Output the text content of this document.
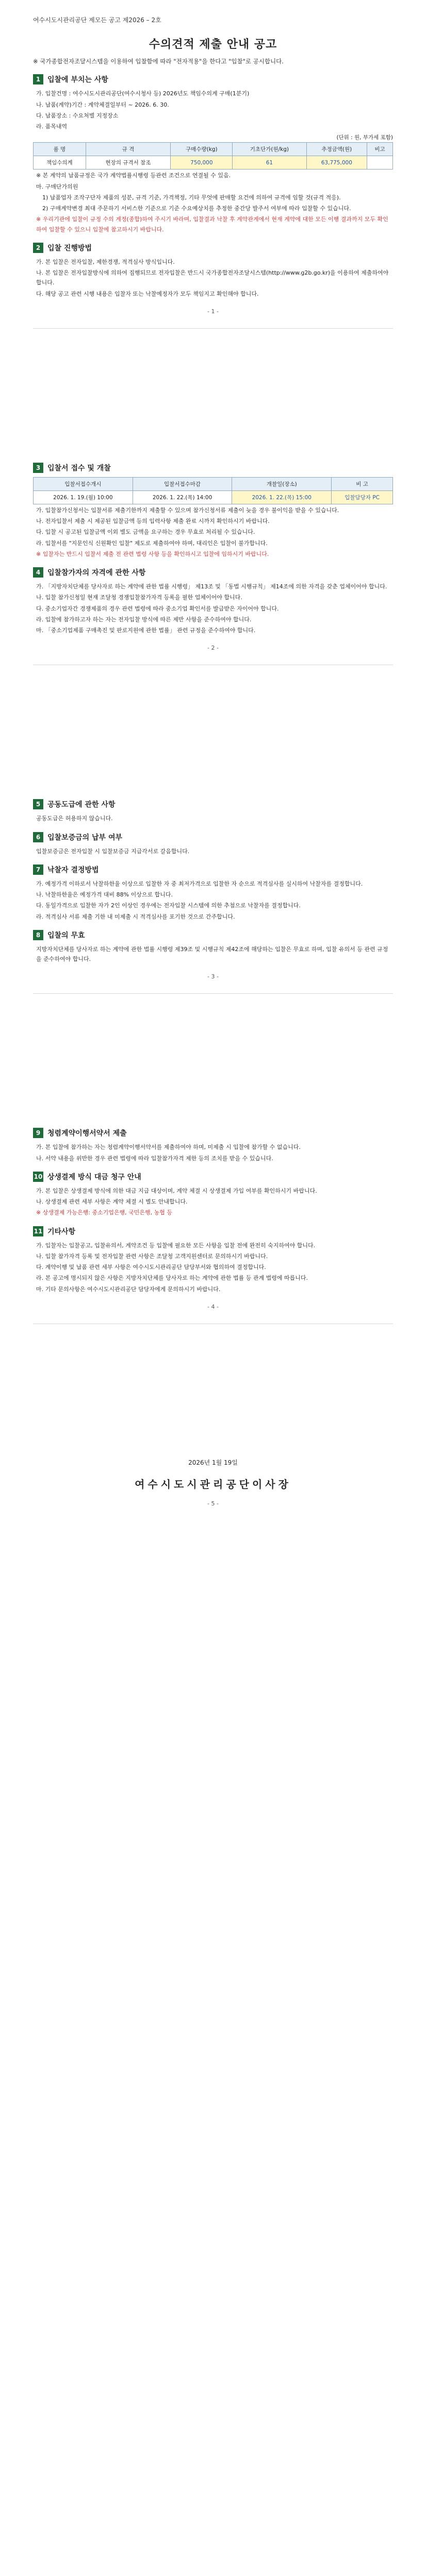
여수시도시관리공단 제모든 공고 제2026 – 2호
수의견적 제출 안내 공고
※ 국가종합전자조달시스템을 이용하여 입찰함에 따라 "전자적용"을 한다고 "입찰"로 공시합니다.
1 입찰에 부치는 사항
가. 입찰건명 : 여수시도시관리공단(여수시청사 등) 2026년도 책임수의계 구매(1분기)
나. 납품(계약)기간 : 계약체결일부터 ~ 2026. 6. 30.
다. 납품장소 : 수요처별 지정장소
라. 품목내역
(단위 : 원, 부가세 포함)
품 명	규 격	구매수량(kg)	기초단가(원/kg)	추정금액(원)	비고
책임수의계	현장의 규격서 참조	750,000	61	63,775,000	
※ 본 계약의 납품규정은 국가 계약법률시행령 등관련 조건으로 연결될 수 있음.
마. 구매단가의원
1) 납품업자 조작구단자 제품의 성분, 규격 기준, 가격책정, 기타 무엇에 판매할 요건에 의하여 규격에 임할 것(규격 적응).
2) 구매계약변경 최대 주문하기 서비스한 기준으로 기준 수요예상치를 추정한 중간당 발주서 여부에 따라 입찰할 수 있습니다.
※ 우리기관에 입찰이 규정 수의 계정(종합)하여 주시기 바라며, 입찰결과 낙찰 후 계약관계에서 현재 계약에 대한 모든 이행 결과까지 모두 확인하여 입찰할 수 있으니 입찰에 참고하시기 바랍니다.
2 입찰 진행방법
가. 본 입찰은 전자입찰, 제한경쟁, 적격심사 방식입니다.
나. 본 입찰은 전자입찰방식에 의하여 집행되므로 전자입찰은 반드시 국가종합전자조달시스템(http://www.g2b.go.kr)을 이용하여 제출하여야 합니다.
다. 해당 공고 관련 시행 내용은 입찰자 또는 낙찰예정자가 모두 책임지고 확인해야 합니다.
- 1 -
3 입찰서 접수 및 개찰
입찰서접수개시	입찰서접수마감	개찰일(장소)	비 고
2026. 1. 19.(월) 10:00	2026. 1. 22.(목) 14:00	2026. 1. 22.(목) 15:00	입찰담당자 PC
가. 입찰참가신청서는 입찰서류 제출기한까지 제출할 수 있으며 참가신청서류 제출이 늦을 경우 불이익을 받을 수 있습니다.
나. 전자입찰서 제출 시 제공된 입찰금액 등의 입력사항 제출 완료 시까지 확인하시기 바랍니다.
다. 입찰 시 공고된 입찰금액 이외 별도 금액을 요구하는 경우 무효로 처리될 수 있습니다.
라. 입찰서를 "지문인식 신원확인 입찰" 제도로 제출하여야 하며, 대리인은 입찰이 불가합니다.
※ 입찰자는 반드시 입찰서 제출 전 관련 법령 사항 등을 확인하시고 입찰에 임하시기 바랍니다.
4 입찰참가자의 자격에 관한 사항
가. 「지방자치단체를 당사자로 하는 계약에 관한 법률 시행령」 제13조 및 「동법 시행규칙」 제14조에 의한 자격을 갖춘 업체이어야 합니다.
나. 입찰 참가신청일 현재 조달청 경쟁입찰참가자격 등록을 필한 업체이어야 합니다.
다. 중소기업자간 경쟁제품의 경우 관련 법령에 따라 중소기업 확인서를 발급받은 자이어야 합니다.
라. 입찰에 참가하고자 하는 자는 전자입찰 방식에 따른 제반 사항을 준수하여야 합니다.
마. 「중소기업제품 구매촉진 및 판로지원에 관한 법률」 관련 규정을 준수하여야 합니다.
- 2 -
5 공동도급에 관한 사항
공동도급은 허용하지 않습니다.
6 입찰보증금의 납부 여부
입찰보증금은 전자입찰 시 입찰보증금 지급각서로 갈음합니다.
7 낙찰자 결정방법
가. 예정가격 이하로서 낙찰하한율 이상으로 입찰한 자 중 최저가격으로 입찰한 자 순으로 적격심사를 실시하여 낙찰자를 결정합니다.
나. 낙찰하한율은 예정가격 대비 88% 이상으로 합니다.
다. 동일가격으로 입찰한 자가 2인 이상인 경우에는 전자입찰 시스템에 의한 추첨으로 낙찰자를 결정합니다.
라. 적격심사 서류 제출 기한 내 미제출 시 적격심사를 포기한 것으로 간주합니다.
8 입찰의 무효
지방자치단체를 당사자로 하는 계약에 관한 법률 시행령 제39조 및 시행규칙 제42조에 해당하는 입찰은 무효로 하며, 입찰 유의서 등 관련 규정을 준수하여야 합니다.
- 3 -
9 청렴계약이행서약서 제출
가. 본 입찰에 참가하는 자는 청렴계약이행서약서를 제출하여야 하며, 미제출 시 입찰에 참가할 수 없습니다.
나. 서약 내용을 위반한 경우 관련 법령에 따라 입찰참가자격 제한 등의 조치를 받을 수 있습니다.
10 상생결제 방식 대금 청구 안내
가. 본 입찰은 상생결제 방식에 의한 대금 지급 대상이며, 계약 체결 시 상생결제 가입 여부를 확인하시기 바랍니다.
나. 상생결제 관련 세부 사항은 계약 체결 시 별도 안내합니다.
※ 상생결제 가능은행: 중소기업은행, 국민은행, 농협 등
11 기타사항
가. 입찰자는 입찰공고, 입찰유의서, 계약조건 등 입찰에 필요한 모든 사항을 입찰 전에 완전히 숙지하여야 합니다.
나. 입찰 참가자격 등록 및 전자입찰 관련 사항은 조달청 고객지원센터로 문의하시기 바랍니다.
다. 계약이행 및 납품 관련 세부 사항은 여수시도시관리공단 담당부서와 협의하여 결정합니다.
라. 본 공고에 명시되지 않은 사항은 지방자치단체를 당사자로 하는 계약에 관한 법률 등 관계 법령에 따릅니다.
마. 기타 문의사항은 여수시도시관리공단 담당자에게 문의하시기 바랍니다.
- 4 -
2026년 1월 19일
여수시도시관리공단이사장
- 5 -
